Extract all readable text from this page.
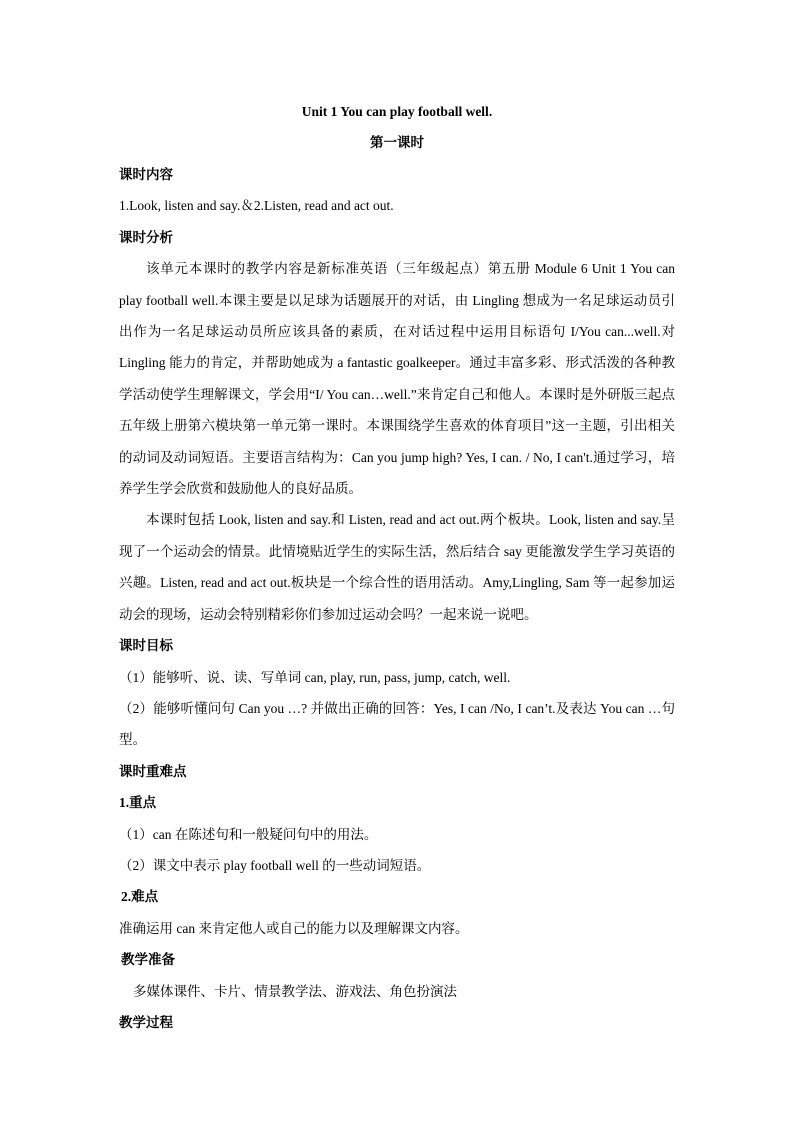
Unit 1 You can play football well.

第一课时

课时内容

1.Look, listen and say.＆2.Listen, read and act out.

课时分析

该单元本课时的教学内容是新标准英语（三年级起点）第五册 Module 6 Unit 1 You can play football well.本课主要是以足球为话题展开的对话，由 Lingling 想成为一名足球运动员引出作为一名足球运动员所应该具备的素质，在对话过程中运用目标语句 I/You can...well.对 Lingling 能力的肯定，并帮助她成为 a fantastic goalkeeper。通过丰富多彩、形式活泼的各种教学活动使学生理解课文，学会用“I/ You can…well.”来肯定自己和他人。本课时是外研版三起点五年级上册第六模块第一单元第一课时。本课围绕学生喜欢的体育项目”这一主题，引出相关的动词及动词短语。主要语言结构为：Can you jump high? Yes, I can. / No, I can't.通过学习，培养学生学会欣赏和鼓励他人的良好品质。

本课时包括 Look, listen and say.和 Listen, read and act out.两个板块。Look, listen and say.呈现了一个运动会的情景。此情境贴近学生的实际生活，然后结合 say 更能激发学生学习英语的兴趣。Listen, read and act out.板块是一个综合性的语用活动。Amy,Lingling, Sam 等一起参加运动会的现场，运动会特别精彩你们参加过运动会吗？一起来说一说吧。

课时目标

（1）能够听、说、读、写单词 can, play, run, pass, jump, catch, well.

（2）能够听懂问句 Can you …? 并做出正确的回答：Yes, I can /No, I can’t.及表达 You can …句型。

课时重难点

1.重点

（1）can 在陈述句和一般疑问句中的用法。

（2）课文中表示 play football well 的一些动词短语。

2.难点

准确运用 can 来肯定他人或自己的能力以及理解课文内容。

教学准备

多媒体课件、卡片、情景教学法、游戏法、角色扮演法

教学过程
